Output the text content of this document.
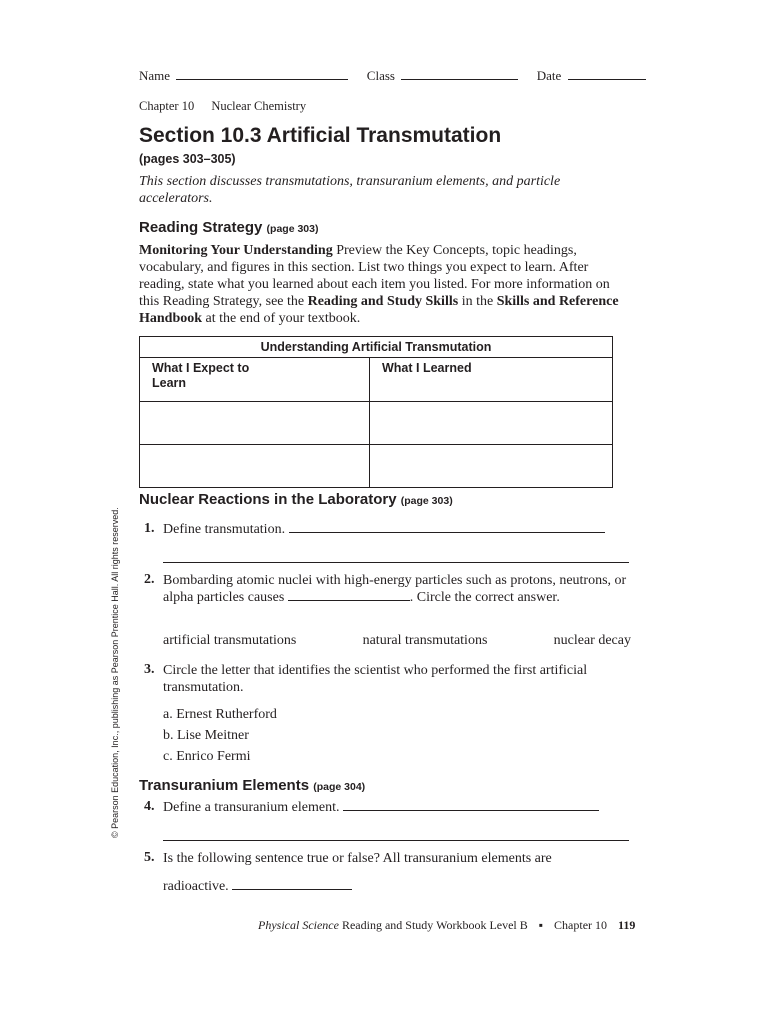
Name	Class	Date
Chapter 10 Nuclear Chemistry
Section 10.3 Artificial Transmutation
(pages 303–305)
This section discusses transmutations, transuranium elements, and particle accelerators.
Reading Strategy (page 303)
Monitoring Your Understanding Preview the Key Concepts, topic headings, vocabulary, and figures in this section. List two things you expect to learn. After reading, state what you learned about each item you listed. For more information on this Reading Strategy, see the Reading and Study Skills in the Skills and Reference Handbook at the end of your textbook.
Understanding Artificial Transmutation	
What I Expect to Learn	What I Learned

Nuclear Reactions in the Laboratory (page 303)
1. Define transmutation.
© Pearson Education, Inc., publishing as Pearson Prentice Hall. All rights reserved. 2. Bombarding atomic nuclei with high-energy particles such as protons, neutrons, or alpha particles causes	. Circle the correct answer.
artificial transmutations	natural transmutations	nuclear decay
3. Circle the letter that identifies the scientist who performed the first artificial transmutation.
a. Ernest Rutherford
b. Lise Meitner
c. Enrico Fermi
Transuranium Elements (page 304)
4. Define a transuranium element.
5. Is the following sentence true or false? All transuranium elements are
radioactive.
Physical Science Reading and Study Workbook Level B ▪ Chapter 10 119
